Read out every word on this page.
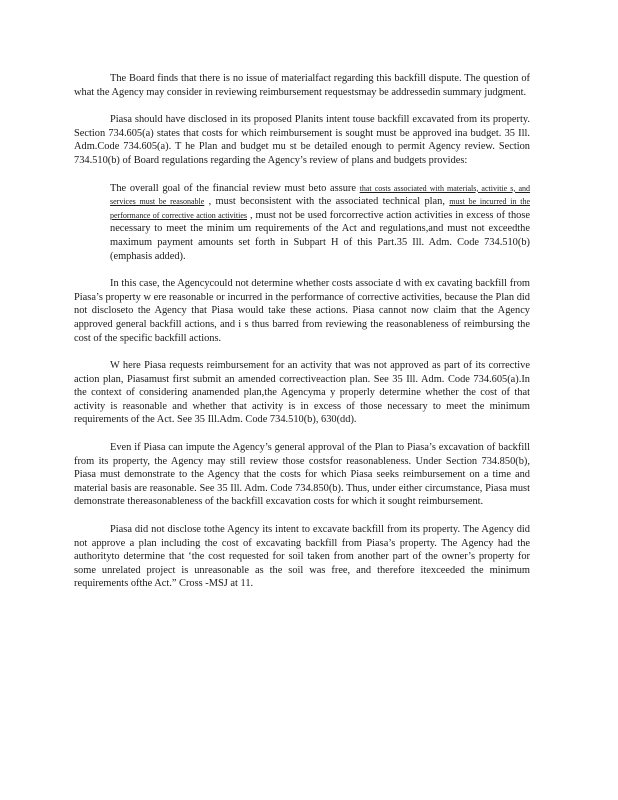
The Board finds that there is no issue of materialfact regarding this backfill dispute. The question of what the Agency may consider in reviewing reimbursement requestsmay be addressedin summary judgment.

Piasa should have disclosed in its proposed Planits intent touse backfill excavated from its property. Section 734.605(a) states that costs for which reimbursement is sought must be approved ina budget. 35 Ill. Adm.Code 734.605(a). T he Plan and budget mu st be detailed enough to permit Agency review. Section 734.510(b) of Board regulations regarding the Agency’s review of plans and budgets provides:

The overall goal of the financial review must beto assure that costs associated with materials, activitie s, and services must be reasonable , must beconsistent with the associated technical plan, must be incurred in the performance of corrective action activities , must not be used forcorrective action activities in excess of those necessary to meet the minim um requirements of the Act and regulations,and must not exceedthe maximum payment amounts set forth in Subpart H of this Part.35 Ill. Adm. Code 734.510(b) (emphasis added).

In this case, the Agencycould not determine whether costs associate d with ex cavating backfill from Piasa’s property w ere reasonable or incurred in the performance of corrective activities, because the Plan did not discloseto the Agency that Piasa would take these actions. Piasa cannot now claim that the Agency approved general backfill actions, and i s thus barred from reviewing the reasonableness of reimbursing the cost of the specific backfill actions.

W here Piasa requests reimbursement for an activity that was not approved as part of its corrective action plan, Piasamust first submit an amended correctiveaction plan. See 35 Ill. Adm. Code 734.605(a).In the context of considering anamended plan,the Agencyma y properly determine whether the cost of that activity is reasonable and whether that activity is in excess of those necessary to meet the minimum requirements of the Act. See 35 Ill.Adm. Code 734.510(b), 630(dd).

Even if Piasa can impute the Agency’s general approval of the Plan to Piasa’s excavation of backfill from its property, the Agency may still review those costsfor reasonableness. Under Section 734.850(b), Piasa must demonstrate to the Agency that the costs for which Piasa seeks reimbursement on a time and material basis are reasonable. See 35 Ill. Adm. Code 734.850(b). Thus, under either circumstance, Piasa must demonstrate thereasonableness of the backfill excavation costs for which it sought reimbursement.

Piasa did not disclose tothe Agency its intent to excavate backfill from its property. The Agency did not approve a plan including the cost of excavating backfill from Piasa’s property. The Agency had the authorityto determine that ‘the cost requested for soil taken from another part of the owner’s property for some unrelated project is unreasonable as the soil was free, and therefore itexceeded the minimum requirements ofthe Act.” Cross -MSJ at 11.
